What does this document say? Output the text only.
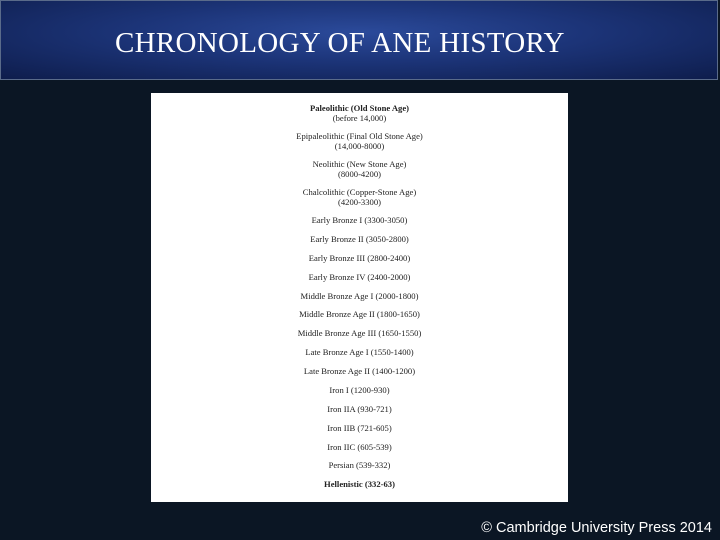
CHRONOLOGY OF ANE HISTORY
Paleolithic (Old Stone Age)
(before 14,000)
Epipaleolithic (Final Old Stone Age)
(14,000-8000)
Neolithic (New Stone Age)
(8000-4200)
Chalcolithic (Copper-Stone Age)
(4200-3300)
Early Bronze I (3300-3050)
Early Bronze II (3050-2800)
Early Bronze III (2800-2400)
Early Bronze IV (2400-2000)
Middle Bronze Age I (2000-1800)
Middle Bronze Age II (1800-1650)
Middle Bronze Age III (1650-1550)
Late Bronze Age I (1550-1400)
Late Bronze Age II (1400-1200)
Iron I (1200-930)
Iron IIA (930-721)
Iron IIB (721-605)
Iron IIC (605-539)
Persian (539-332)
Hellenistic (332-63)
© Cambridge University Press 2014
